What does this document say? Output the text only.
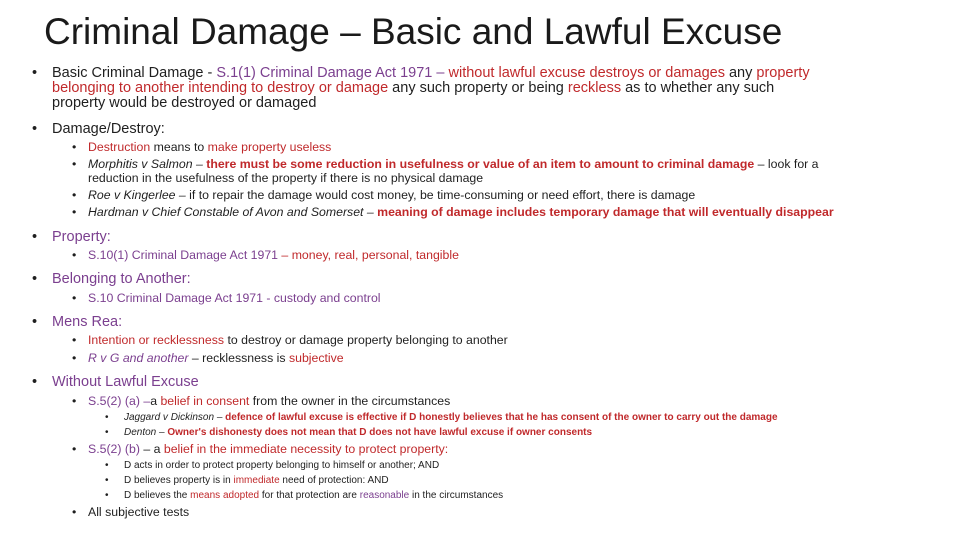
Criminal Damage – Basic and Lawful Excuse
• Basic Criminal Damage - S.1(1) Criminal Damage Act 1971 – without lawful excuse destroys or damages any property
belonging to another intending to destroy or damage any such property or being reckless as to whether any such
property would be destroyed or damaged
• Damage/Destroy:
• Destruction means to make property useless
• Morphitis v Salmon – there must be some reduction in usefulness or value of an item to amount to criminal damage – look for a
reduction in the usefulness of the property if there is no physical damage
• Roe v Kingerlee – if to repair the damage would cost money, be time-consuming or need effort, there is damage
• Hardman v Chief Constable of Avon and Somerset – meaning of damage includes temporary damage that will eventually disappear
• Property:
• S.10(1) Criminal Damage Act 1971 – money, real, personal, tangible
• Belonging to Another:
• S.10 Criminal Damage Act 1971 - custody and control
• Mens Rea:
• Intention or recklessness to destroy or damage property belonging to another
• R v G and another – recklessness is subjective
• Without Lawful Excuse
• S.5(2) (a) –a belief in consent from the owner in the circumstances
• Jaggard v Dickinson – defence of lawful excuse is effective if D honestly believes that he has consent of the owner to carry out the damage
• Denton – Owner's dishonesty does not mean that D does not have lawful excuse if owner consents
• S.5(2) (b) – a belief in the immediate necessity to protect property:
• D acts in order to protect property belonging to himself or another; AND
• D believes property is in immediate need of protection: AND
• D believes the means adopted for that protection are reasonable in the circumstances
• All subjective tests
